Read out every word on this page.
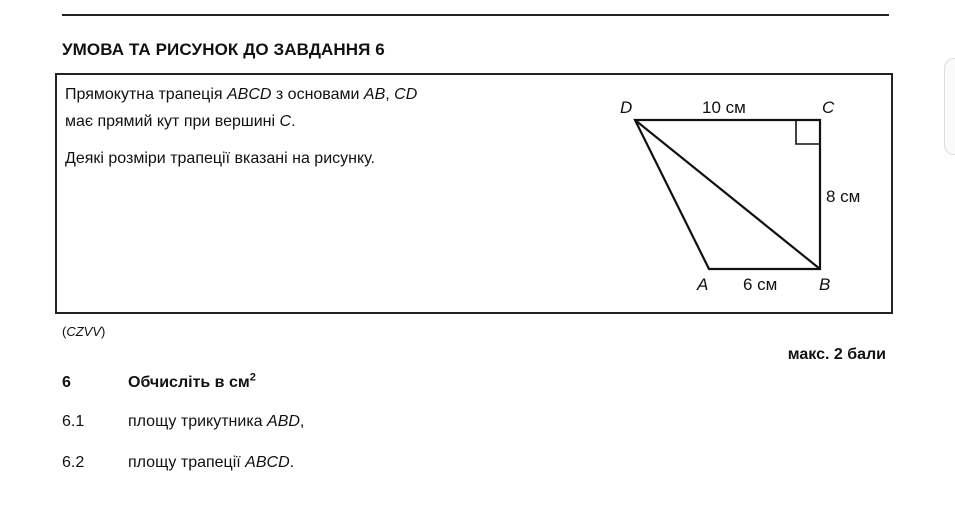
УМОВА ТА РИСУНОК ДО ЗАВДАННЯ 6
Прямокутна трапеція ABCD з основами AB, CD
має прямий кут при вершині C.
Деякі розміри трапеції вказані на рисунку.
D	10 см	C
8 см
A 6 см B
(CZVV)
макс. 2 бали
6	Обчисліть в $см^2$
6.1	площу трикутника ABD,
6.2	площу трапеції ABCD.
